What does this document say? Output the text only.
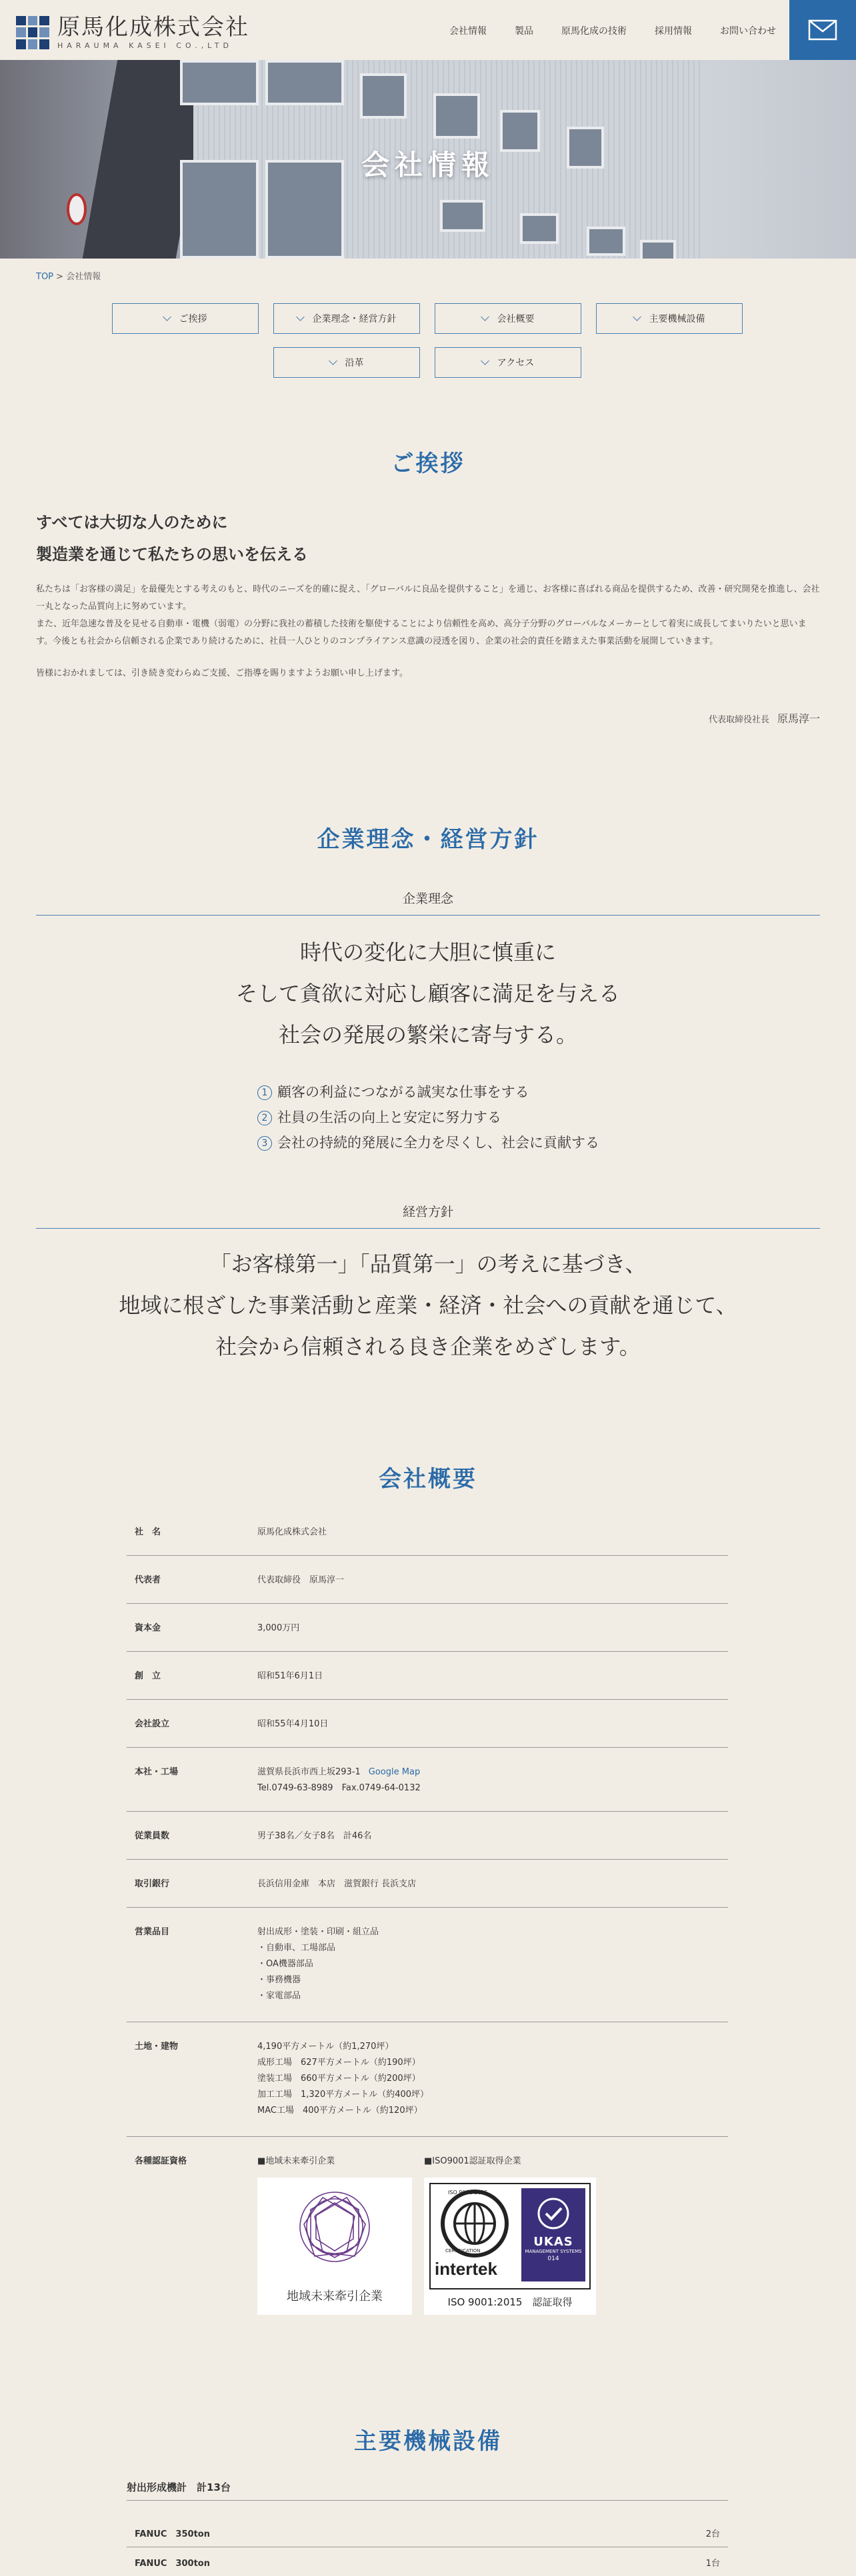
原馬化成株式会社
HARAUMA KASEI CO.,LTD
会社情報	製品	原馬化成の技術	採用情報	お問い合わせ
会社情報
TOP > 会社情報
ご挨拶	企業理念・経営方針	会社概要	主要機械設備
沿革	アクセス
ご挨拶
すべては大切な人のために
製造業を通じて私たちの思いを伝える
私たちは「お客様の満足」を最優先とする考えのもと、時代のニーズを的確に捉え、「グローバルに良品を提供すること」を通じ、お客様に喜ばれる商品を提供するため、改善・研究開発を推進し、会社一丸となった品質向上に努めています。
また、近年急速な普及を見せる自動車・電機（弱電）の分野に我社の蓄積した技術を駆使することにより信頼性を高め、高分子分野のグローバルなメーカーとして着実に成長してまいりたいと思います。今後とも社会から信頼される企業であり続けるために、社員一人ひとりのコンプライアンス意識の浸透を図り、企業の社会的責任を踏まえた事業活動を展開していきます。
皆様におかれましては、引き続き変わらぬご支援、ご指導を賜りますようお願い申し上げます。
代表取締役社長 原馬淳一
企業理念・経営方針
企業理念
時代の変化に大胆に慎重に
そして貪欲に対応し顧客に満足を与える
社会の発展の繁栄に寄与する。
1 顧客の利益につながる誠実な仕事をする
2 社員の生活の向上と安定に努力する
3 会社の持続的発展に全力を尽くし、社会に貢献する
経営方針
「お客様第一」「品質第一」の考えに基づき、
地域に根ざした事業活動と産業・経済・社会への貢献を通じて、
社会から信頼される良き企業をめざします。
会社概要
社　名	原馬化成株式会社
代表者	代表取締役　原馬淳一
資本金	3,000万円
創　立	昭和51年6月1日
会社設立	昭和55年4月10日
本社・工場	滋賀県長浜市西上坂293-1 Google Map
Tel.0749-63-8989　Fax.0749-64-0132
従業員数	男子38名／女子8名　計46名
取引銀行	長浜信用金庫　本店　滋賀銀行 長浜支店
営業品目	射出成形・塗装・印刷・組立品
・自動車、工場部品
・OA機器部品
・事務機器
・家電部品
土地・建物	4,190平方メートル（約1,270坪）
成形工場　627平方メートル（約190坪）
塗装工場　660平方メートル（約200坪）
加工工場　1,320平方メートル（約400坪）
MAC工場　400平方メートル（約120坪）
各種認証資格	■地域未来牽引企業	■ISO9001認証取得企業
地域未来牽引企業
ISO 9001:2015
CERTIFICATION
intertek
UKAS
MANAGEMENT SYSTEMS
014
ISO 9001:2015　認証取得
主要機械設備
射出形成機計　計13台
FANUC　350ton	2台
FANUC　300ton	1台
